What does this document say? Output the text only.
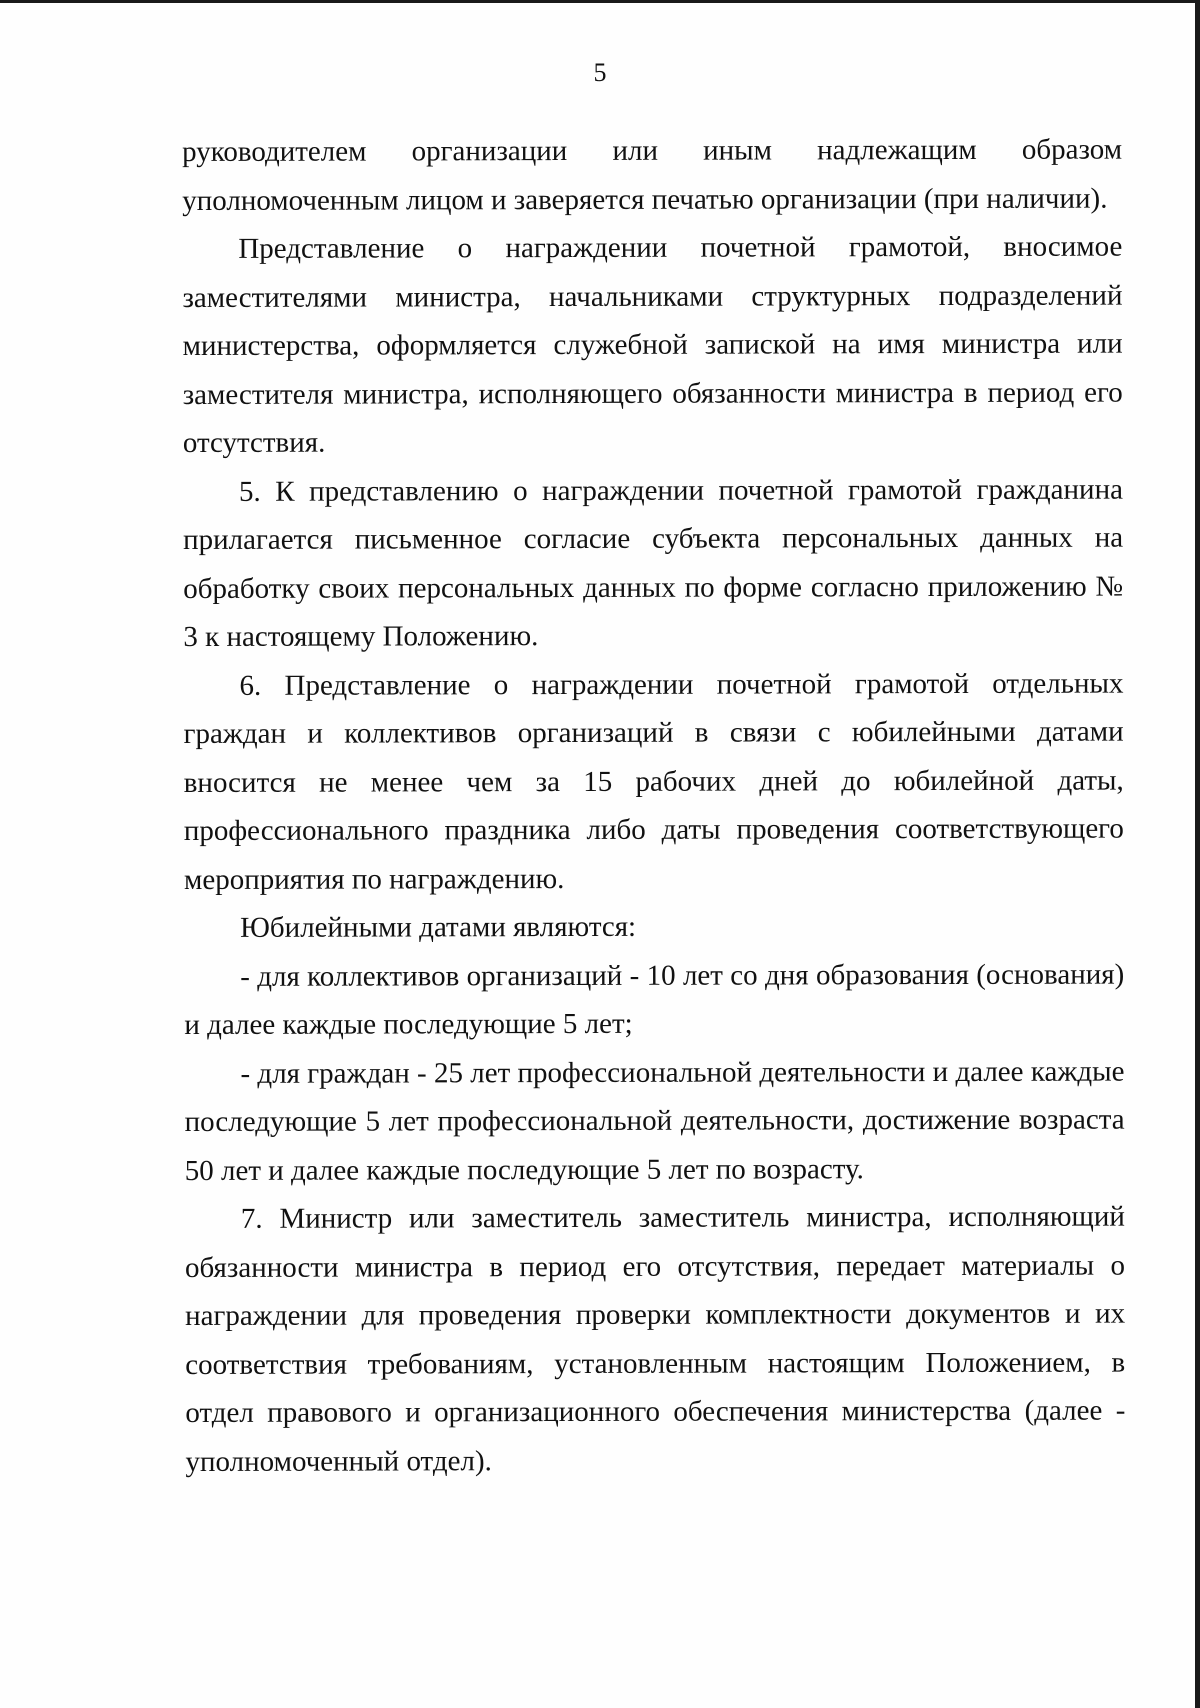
5

руководителем организации или иным надлежащим образом уполномоченным лицом и заверяется печатью организации (при наличии).

Представление о награждении почетной грамотой, вносимое заместителями министра, начальниками структурных подразделений министерства, оформляется служебной запиской на имя министра или заместителя министра, исполняющего обязанности министра в период его отсутствия.

5. К представлению о награждении почетной грамотой гражданина прилагается письменное согласие субъекта персональных данных на обработку своих персональных данных по форме согласно приложению № 3 к настоящему Положению.

6. Представление о награждении почетной грамотой отдельных граждан и коллективов организаций в связи с юбилейными датами вносится не менее чем за 15 рабочих дней до юбилейной даты, профессионального праздника либо даты проведения соответствующего мероприятия по награждению.

Юбилейными датами являются:

- для коллективов организаций - 10 лет со дня образования (основания) и далее каждые последующие 5 лет;

- для граждан - 25 лет профессиональной деятельности и далее каждые последующие 5 лет профессиональной деятельности, достижение возраста 50 лет и далее каждые последующие 5 лет по возрасту.

7. Министр или заместитель заместитель министра, исполняющий обязанности министра в период его отсутствия, передает материалы о награждении для проведения проверки комплектности документов и их соответствия требованиям, установленным настоящим Положением, в отдел правового и организационного обеспечения министерства (далее - уполномоченный отдел).
